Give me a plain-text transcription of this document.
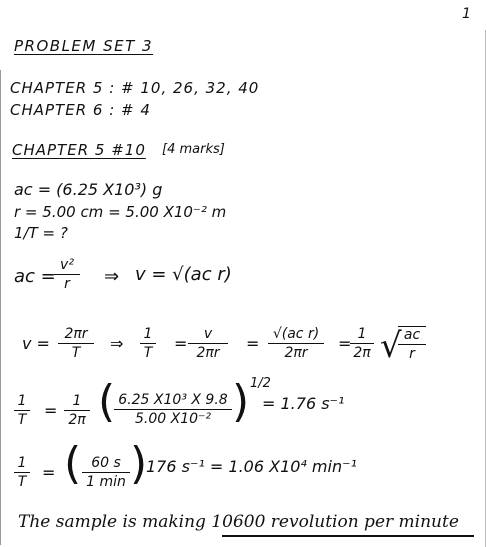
1
PROBLEM SET 3
CHAPTER 5 : # 10, 26, 32, 40
CHAPTER 6 : # 4
CHAPTER 5 #10 [4 marks]
ac = (6.25 X10³) g
r = 5.00 cm = 5.00 X10⁻² m
1/T = ?
ac =
v²
r	⇒ v = √(ac r)
v =	2πr
T	⇒ 1
T =	v
2πr	= √(ac r)
2πr	= 1
2π √ ac
r
1
T =	1
2π ( 6.25 X10³ X 9.8
5.00 X10⁻² ) 1/2
= 1.76 s⁻¹
1
T = ( 60 s
1 min )
176 s⁻¹ = 1.06 X10⁴ min⁻¹
The sample is making 10600 revolution per minute
